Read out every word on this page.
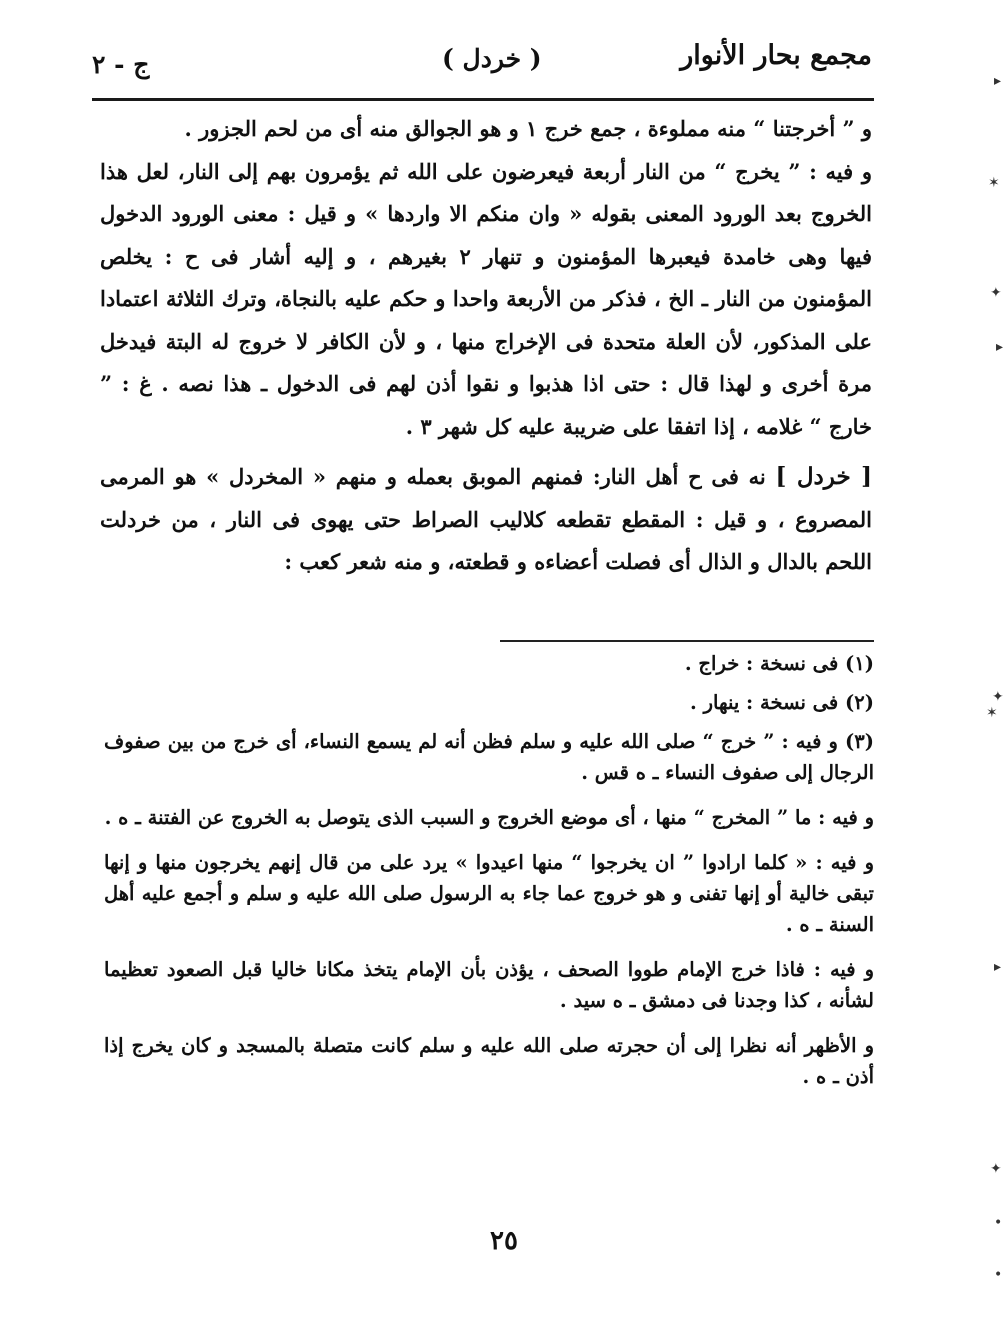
مجمع بحار الأنوار
( خردل )
ج - ٢

و ” أخرجتنا “ منه مملوءة ، جمع خرج ١ و هو الجوالق منه أى من لحم الجزور .

و فيه : ” يخرج “ من النار أربعة فيعرضون على الله ثم يؤمرون بهم إلى النار، لعل هذا الخروج بعد الورود المعنى بقوله « وان منكم الا واردها » و قيل : معنى الورود الدخول فيها وهى خامدة فيعبرها المؤمنون و تنهار ٢ بغيرهم ، و إليه أشار فى ح : يخلص المؤمنون من النار ـ الخ ، فذكر من الأربعة واحدا و حكم عليه بالنجاة، وترك الثلاثة اعتمادا على المذكور، لأن العلة متحدة فى الإخراج منها ، و لأن الكافر لا خروج له البتة فيدخل مرة أخرى و لهذا قال : حتى اذا هذبوا و نقوا أذن لهم فى الدخول ـ هذا نصه . غ : ” خارج “ غلامه ، إذا اتفقا على ضريبة عليه كل شهر ٣ .

[ خردل ] نه فى ح أهل النار: فمنهم الموبق بعمله و منهم « المخردل » هو المرمى المصروع ، و قيل : المقطع تقطعه كلاليب الصراط حتى يهوى فى النار ، من خردلت اللحم بالدال و الذال أى فصلت أعضاءه و قطعته، و منه شعر كعب :

(١) فى نسخة : خراج .

(٢) فى نسخة : ينهار .

(٣) و فيه : ” خرج “ صلى الله عليه و سلم فظن أنه لم يسمع النساء، أى خرج من بين صفوف الرجال إلى صفوف النساء ـ ه قس .

و فيه : ما ” المخرج “ منها ، أى موضع الخروج و السبب الذى يتوصل به الخروج عن الفتنة ـ ه .

و فيه : « كلما ارادوا ” ان يخرجوا “ منها اعيدوا » يرد على من قال إنهم يخرجون منها و إنها تبقى خالية أو إنها تفنى و هو خروج عما جاء به الرسول صلى الله عليه و سلم و أجمع عليه أهل السنة ـ ه .

و فيه : فاذا خرج الإمام طووا الصحف ، يؤذن بأن الإمام يتخذ مكانا خاليا قبل الصعود تعظيما لشأنه ، كذا وجدنا فى دمشق ـ ه سيد .

و الأظهر أنه نظرا إلى أن حجرته صلى الله عليه و سلم كانت متصلة بالمسجد و كان يخرج إذا أذن ـ ه .

٢٥
▸
✶
✦
▸
✦
✶
▸
✦
•
•
